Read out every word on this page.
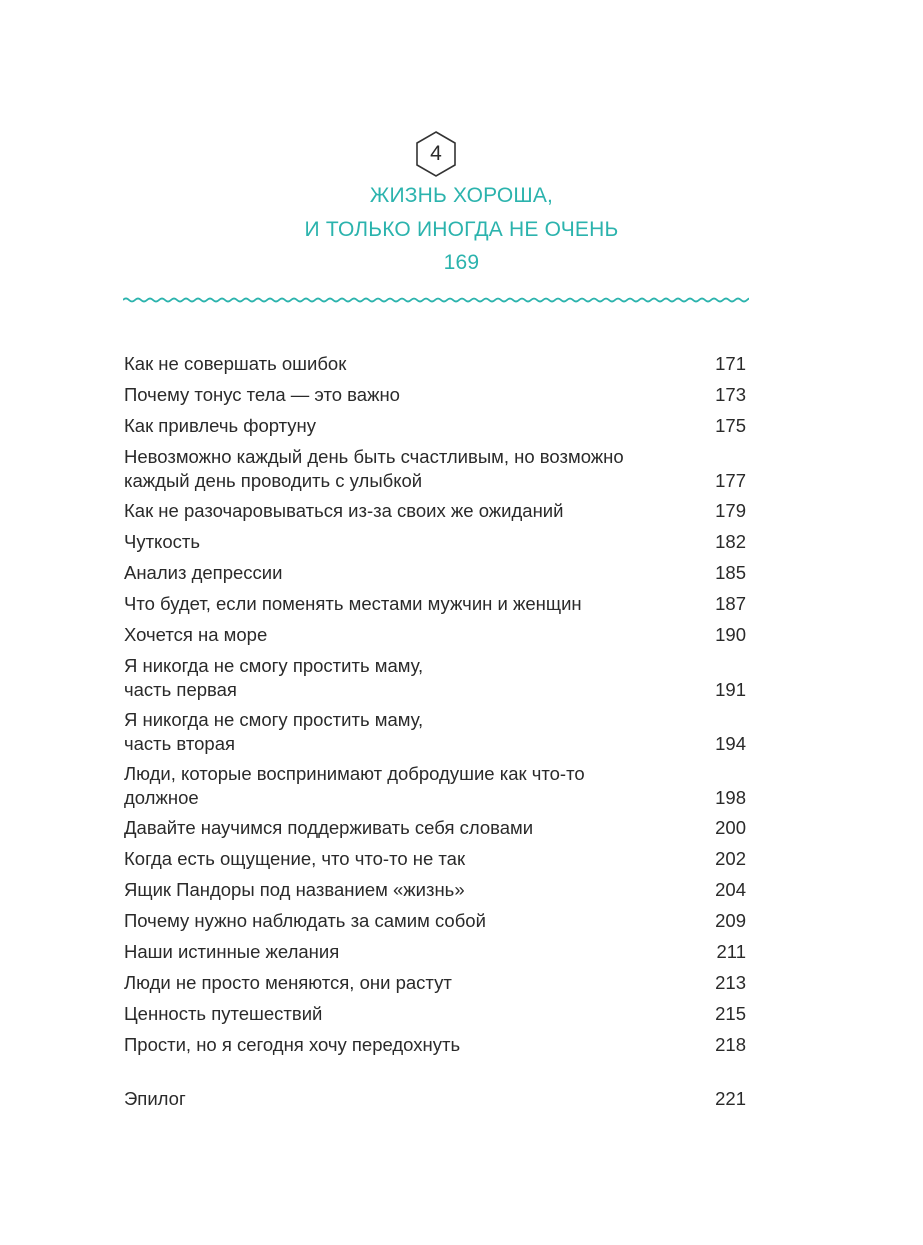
4
ЖИЗНЬ ХОРОША,
И ТОЛЬКО ИНОГДА НЕ ОЧЕНЬ
169
Как не совершать ошибок	171
Почему тонус тела — это важно	173
Как привлечь фортуну	175
Невозможно каждый день быть счастливым, но возможно
каждый день проводить с улыбкой	177
Как не разочаровываться из-за своих же ожиданий	179
Чуткость	182
Анализ депрессии	185
Что будет, если поменять местами мужчин и женщин	187
Хочется на море	190
Я никогда не смогу простить маму,
часть первая	191
Я никогда не смогу простить маму,
часть вторая	194
Люди, которые воспринимают добродушие как что-то
должное	198
Давайте научимся поддерживать себя словами	200
Когда есть ощущение, что что-то не так	202
Ящик Пандоры под названием «жизнь»	204
Почему нужно наблюдать за самим собой	209
Наши истинные желания	211
Люди не просто меняются, они растут	213
Ценность путешествий	215
Прости, но я сегодня хочу передохнуть	218
Эпилог	221
